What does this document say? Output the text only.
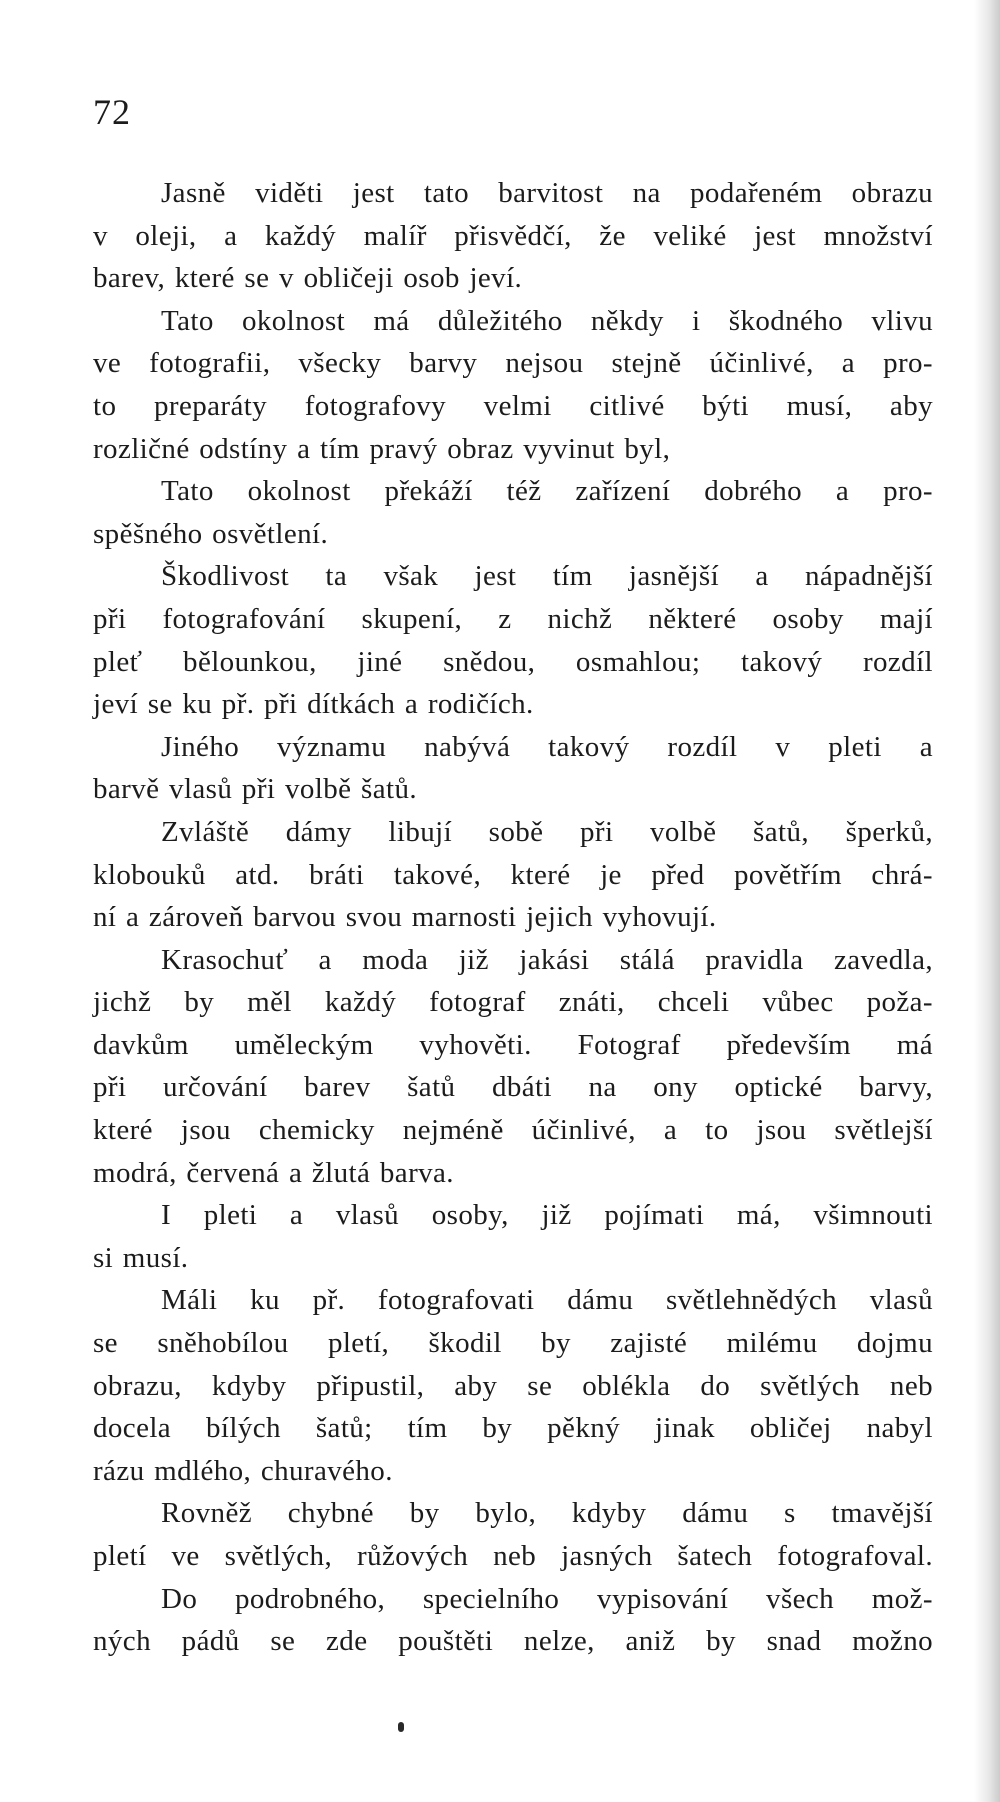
72
Jasně viděti jest tato barvitost na podařeném obrazu
v oleji, a každý malíř přisvědčí, že veliké jest množství
barev, které se v obličeji osob jeví.
Tato okolnost má důležitého někdy i škodného vlivu
ve fotografii, všecky barvy nejsou stejně účinlivé, a pro-
to preparáty fotografovy velmi citlivé býti musí, aby
rozličné odstíny a tím pravý obraz vyvinut byl,
Tato okolnost překáží též zařízení dobrého a pro-
spěšného osvětlení.
Škodlivost ta však jest tím jasnější a nápadnější
při fotografování skupení, z nichž některé osoby mají
pleť bělounkou, jiné snědou, osmahlou; takový rozdíl
jeví se ku př. při dítkách a rodičích.
Jiného významu nabývá takový rozdíl v pleti a
barvě vlasů při volbě šatů.
Zvláště dámy libují sobě při volbě šatů, šperků,
klobouků atd. bráti takové, které je před povětřím chrá-
ní a zároveň barvou svou marnosti jejich vyhovují.
Krasochuť a moda již jakási stálá pravidla zavedla,
jichž by měl každý fotograf znáti, chceli vůbec poža-
davkům uměleckým vyhověti. Fotograf především má
při určování barev šatů dbáti na ony optické barvy,
které jsou chemicky nejméně účinlivé, a to jsou světlejší
modrá, červená a žlutá barva.
I pleti a vlasů osoby, již pojímati má, všimnouti
si musí.
Máli ku př. fotografovati dámu světlehnědých vlasů
se sněhobílou pletí, škodil by zajisté milému dojmu
obrazu, kdyby připustil, aby se oblékla do světlých neb
docela bílých šatů; tím by pěkný jinak obličej nabyl
rázu mdlého, churavého.
Rovněž chybné by bylo, kdyby dámu s tmavější
pletí ve světlých, růžových neb jasných šatech fotografoval.
Do podrobného, specielního vypisování všech mož-
ných pádů se zde pouštěti nelze, aniž by snad možno
